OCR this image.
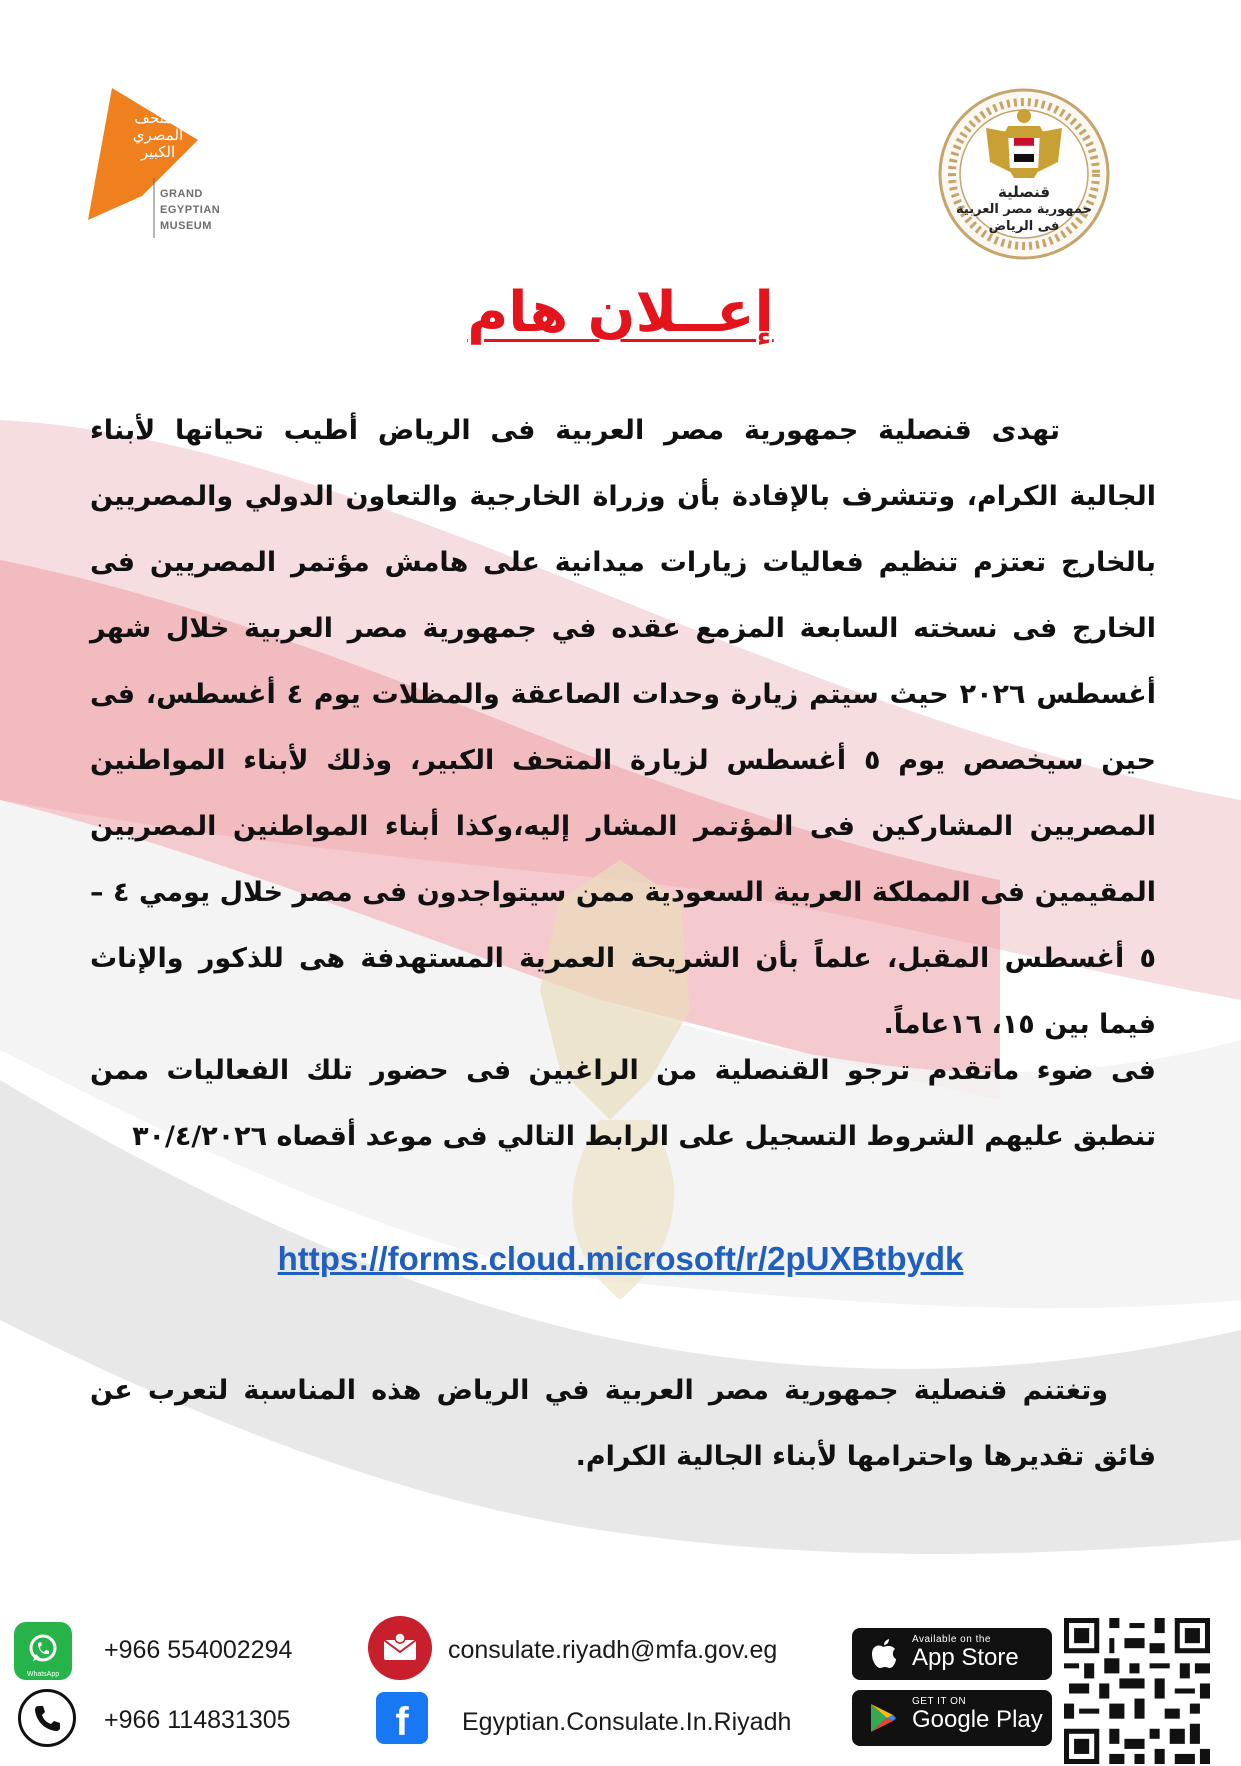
المتحف
المصري
الكبير
GRAND
EGYPTIAN
MUSEUM
قنصلية
جمهورية مصر العربية
فى الرياض
إعــلان هام
تهدى قنصلية جمهورية مصر العربية فى الرياض أطيب تحياتها لأبناء الجالية الكرام، وتتشرف بالإفادة بأن وزراة الخارجية والتعاون الدولي والمصريين بالخارج تعتزم تنظيم فعاليات زيارات ميدانية على هامش مؤتمر المصريين فى الخارج فى نسخته السابعة المزمع عقده في جمهورية مصر العربية خلال شهر أغسطس ٢٠٢٦ حيث سيتم زيارة وحدات الصاعقة والمظلات يوم ٤ أغسطس، فى حين سيخصص يوم ٥ أغسطس لزيارة المتحف الكبير، وذلك لأبناء المواطنين المصريين المشاركين فى المؤتمر المشار إليه،وكذا أبناء المواطنين المصريين المقيمين فى المملكة العربية السعودية ممن سيتواجدون فى مصر خلال يومي ٤ – ٥ أغسطس المقبل، علماً بأن الشريحة العمرية المستهدفة هى للذكور والإناث فيما بين ١٥، ١٦عاماً.
فى ضوء ماتقدم ترجو القنصلية من الراغبين فى حضور تلك الفعاليات ممن تنطبق عليهم الشروط التسجيل على الرابط التالي فى موعد أقصاه ٣٠/٤/٢٠٢٦
https://forms.cloud.microsoft/r/2pUXBtbydk
وتغتنم قنصلية جمهورية مصر العربية في الرياض هذه المناسبة لتعرب عن فائق تقديرها واحترامها لأبناء الجالية الكرام.
WhatsApp
+966 554002294
+966 114831305
consulate.riyadh@mfa.gov.eg
f Egyptian.Consulate.In.Riyadh
Available on the
App Store
GET IT ON
Google Play
